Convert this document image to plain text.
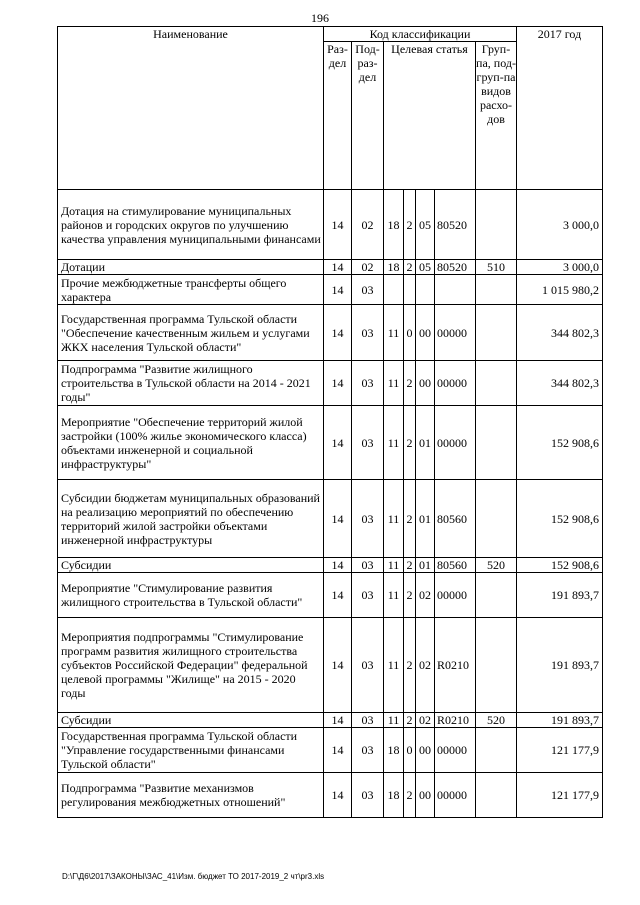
196
Наименование	Код классификации							2017 год
	Раз-дел	Под-раз-дел	Целевая статья				Груп-па, под-груп-па видов расхо-дов	
Дотация на стимулирование муниципальных районов и городских округов по улучшению качества управления муниципальными финансами	14	02	18	2	05	80520		3 000,0
Дотации	14	02	18	2	05	80520	510	3 000,0
Прочие межбюджетные трансферты общего характера	14	03						1 015 980,2
Государственная программа Тульской области "Обеспечение качественным жильем и услугами ЖКХ населения Тульской области"	14	03	11	0	00	00000		344 802,3
Подпрограмма "Развитие жилищного строительства в Тульской области на 2014 - 2021 годы"	14	03	11	2	00	00000		344 802,3
Мероприятие "Обеспечение территорий жилой застройки (100% жилье экономического класса) объектами инженерной и социальной инфраструктуры"	14	03	11	2	01	00000		152 908,6
Субсидии бюджетам муниципальных образований на реализацию мероприятий по обеспечению территорий жилой застройки объектами инженерной инфраструктуры	14	03	11	2	01	80560		152 908,6
Субсидии	14	03	11	2	01	80560	520	152 908,6
Мероприятие "Стимулирование развития жилищного строительства в Тульской области"	14	03	11	2	02	00000		191 893,7
Мероприятия подпрограммы "Стимулирование программ развития жилищного строительства субъектов Российской Федерации" федеральной целевой программы "Жилище" на 2015 - 2020 годы	14	03	11	2	02	R0210		191 893,7
Субсидии	14	03	11	2	02	R0210	520	191 893,7
Государственная программа Тульской области "Управление государственными финансами Тульской области"	14	03	18	0	00	00000		121 177,9
Подпрограмма "Развитие механизмов регулирования межбюджетных отношений"	14	03	18	2	00	00000		121 177,9
D:\Г\Д6\2017\ЗАКОНЫ\ЗАС_41\Изм. бюджет ТО 2017-2019_2 чт\pr3.xls
